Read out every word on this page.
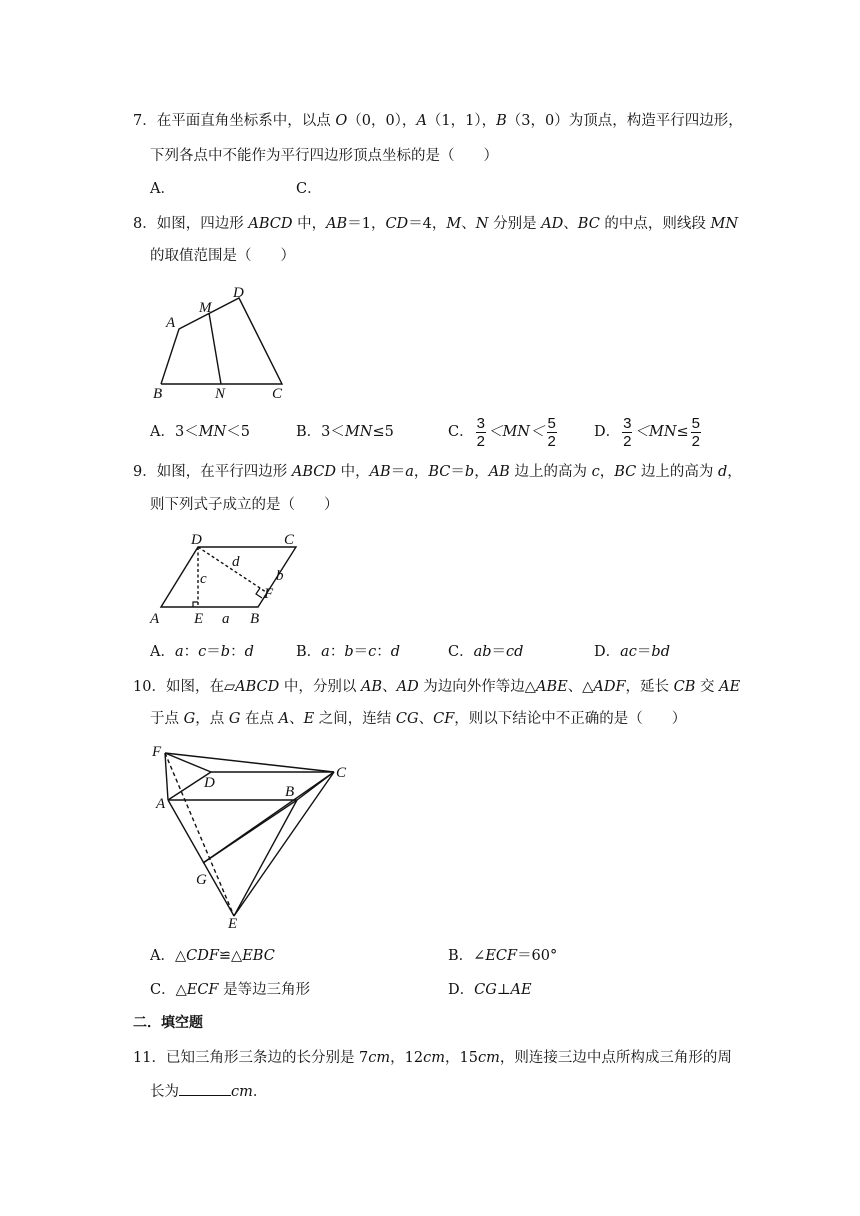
7．在平面直角坐标系中，以点 O（0，0），A（1，1），B（3，0）为顶点，构造平行四边形，
下列各点中不能作为平行四边形顶点坐标的是（　　）
A．	C．
8．如图，四边形 ABCD 中，AB＝1，CD＝4，M、N 分别是 AD、BC 的中点，则线段 MN
的取值范围是（　　）
A
M
D
B	N	C
A．3＜MN＜5	B．3＜MN≤5	C． $\frac{3}{2} <MN< \frac{5}{2}$	D． $\frac{3}{2} <MN\le \frac{5}{2}$
9．如图，在平行四边形 ABCD 中，AB＝a，BC＝b，AB 边上的高为 c，BC 边上的高为 d，
则下列式子成立的是（　　）
D	C
d
c	b
F
A E a B
A．a：c＝b：d	B．a：b＝c：d	C．ab＝cd	D．ac＝bd
10．如图，在▱ABCD 中，分别以 AB、AD 为边向外作等边△ABE、△ADF，延长 CB 交 AE
于点 G，点 G 在点 A、E 之间，连结 CG、CF，则以下结论中不正确的是（　　）
F
D
C
A
B
G
E
A．△CDF≌△EBC	B．∠ECF＝60°
C．△ECF 是等边三角形	D．CG⊥AE
二．填空题
11．已知三角形三条边的长分别是 7cm，12cm，15cm，则连接三边中点所构成三角形的周
长为	cm．
